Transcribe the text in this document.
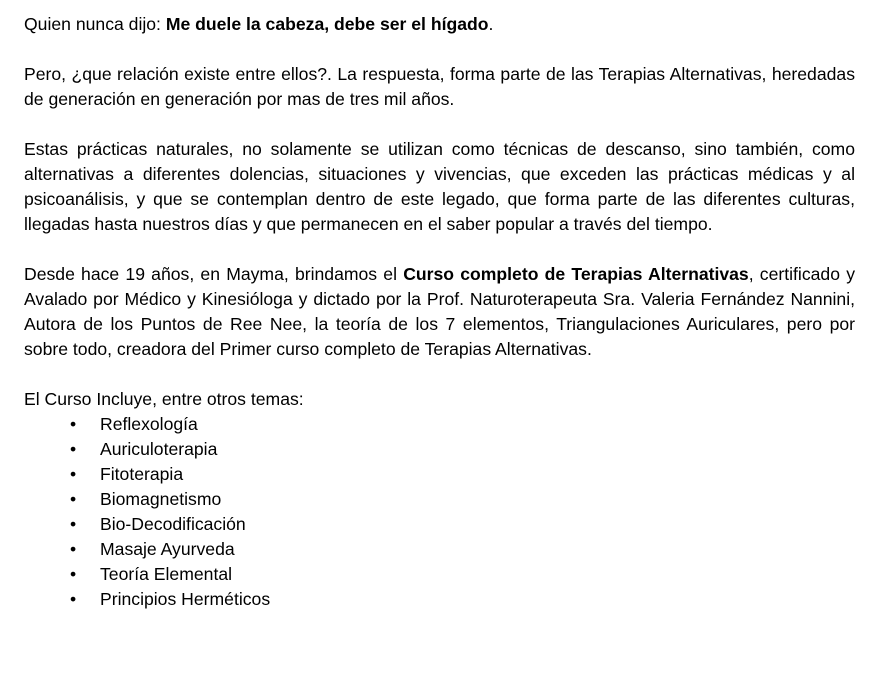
Quien nunca dijo: Me duele la cabeza, debe ser el hígado.

Pero, ¿que relación existe entre ellos?. La respuesta, forma parte de las Terapias Alternativas, heredadas de generación en generación por mas de tres mil años.

Estas prácticas naturales, no solamente se utilizan como técnicas de descanso, sino también, como alternativas a diferentes dolencias, situaciones y vivencias, que exceden las prácticas médicas y al psicoanálisis, y que se contemplan dentro de este legado, que forma parte de las diferentes culturas, llegadas hasta nuestros días y que permanecen en el saber popular a través del tiempo.

Desde hace 19 años, en Mayma, brindamos el Curso completo de Terapias Alternativas, certificado y Avalado por Médico y Kinesióloga y dictado por la Prof. Naturoterapeuta Sra. Valeria Fernández Nannini, Autora de los Puntos de Ree Nee, la teoría de los 7 elementos, Triangulaciones Auriculares, pero por sobre todo, creadora del Primer curso completo de Terapias Alternativas.

El Curso Incluye, entre otros temas:

• Reflexología
• Auriculoterapia
• Fitoterapia
• Biomagnetismo
• Bio-Decodificación
• Masaje Ayurveda
• Teoría Elemental
• Principios Herméticos
